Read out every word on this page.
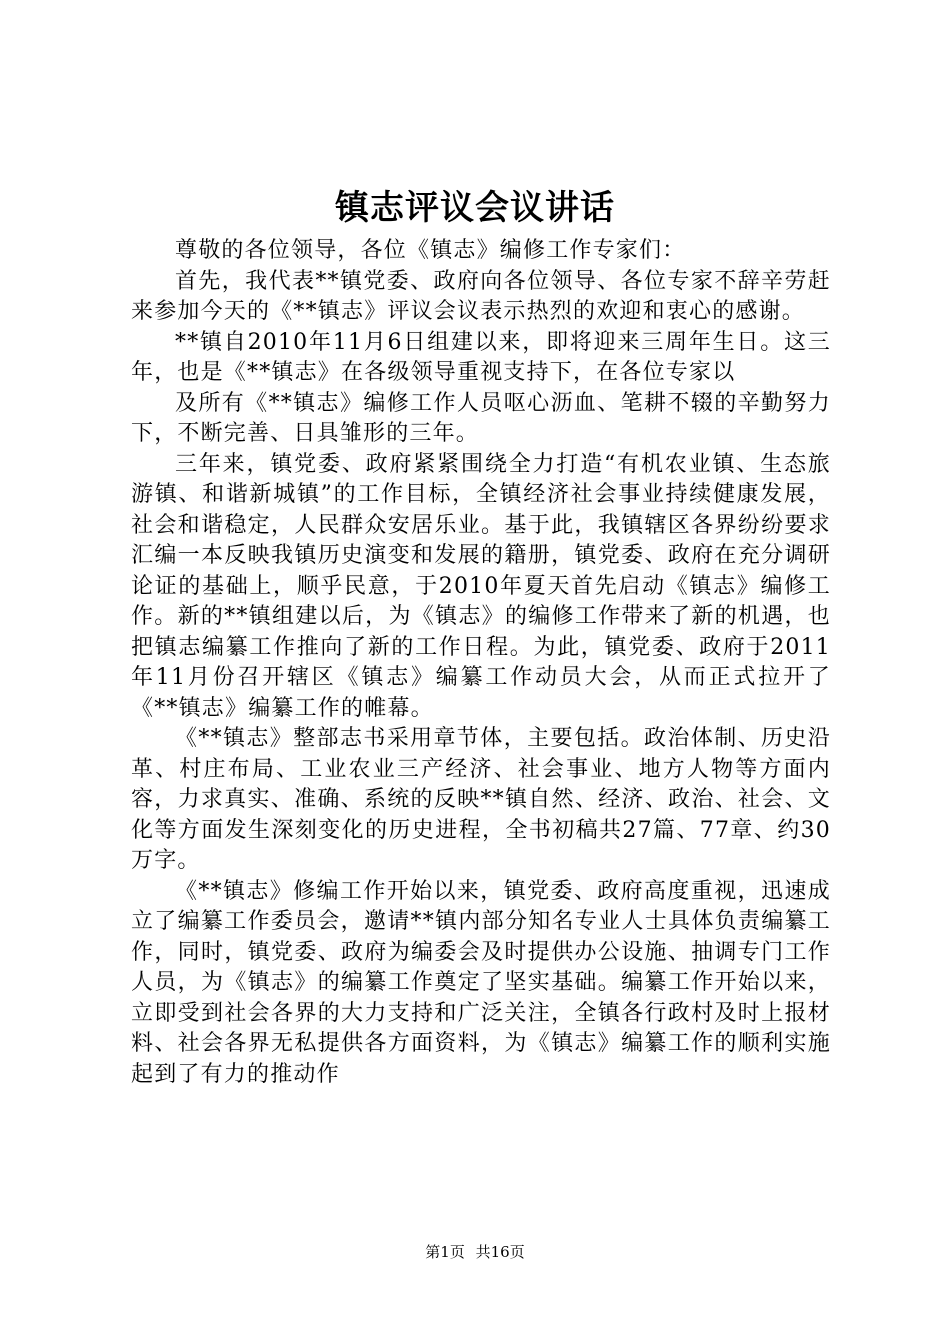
镇志评议会议讲话

尊敬的各位领导，各位《镇志》编修工作专家们：

首先，我代表**镇党委、政府向各位领导、各位专家不辞辛劳赶来参加今天的《**镇志》评议会议表示热烈的欢迎和衷心的感谢。

**镇自2010年11月6日组建以来，即将迎来三周年生日。这三年，也是《**镇志》在各级领导重视支持下，在各位专家以

及所有《**镇志》编修工作人员呕心沥血、笔耕不辍的辛勤努力下，不断完善、日具雏形的三年。

三年来，镇党委、政府紧紧围绕全力打造“有机农业镇、生态旅游镇、和谐新城镇”的工作目标，全镇经济社会事业持续健康发展，社会和谐稳定，人民群众安居乐业。基于此，我镇辖区各界纷纷要求汇编一本反映我镇历史演变和发展的籍册，镇党委、政府在充分调研论证的基础上，顺乎民意，于2010年夏天首先启动《镇志》编修工作。新的**镇组建以后，为《镇志》的编修工作带来了新的机遇，也把镇志编纂工作推向了新的工作日程。为此，镇党委、政府于2011年11月份召开辖区《镇志》编纂工作动员大会，从而正式拉开了《**镇志》编纂工作的帷幕。

《**镇志》整部志书采用章节体，主要包括。政治体制、历史沿革、村庄布局、工业农业三产经济、社会事业、地方人物等方面内容，力求真实、准确、系统的反映**镇自然、经济、政治、社会、文化等方面发生深刻变化的历史进程，全书初稿共27篇、77章、约30万字。

《**镇志》修编工作开始以来，镇党委、政府高度重视，迅速成立了编纂工作委员会，邀请**镇内部分知名专业人士具体负责编纂工作，同时，镇党委、政府为编委会及时提供办公设施、抽调专门工作人员，为《镇志》的编纂工作奠定了坚实基础。编纂工作开始以来，立即受到社会各界的大力支持和广泛关注，全镇各行政村及时上报材料、社会各界无私提供各方面资料，为《镇志》编纂工作的顺利实施起到了有力的推动作

第1页 共16页
